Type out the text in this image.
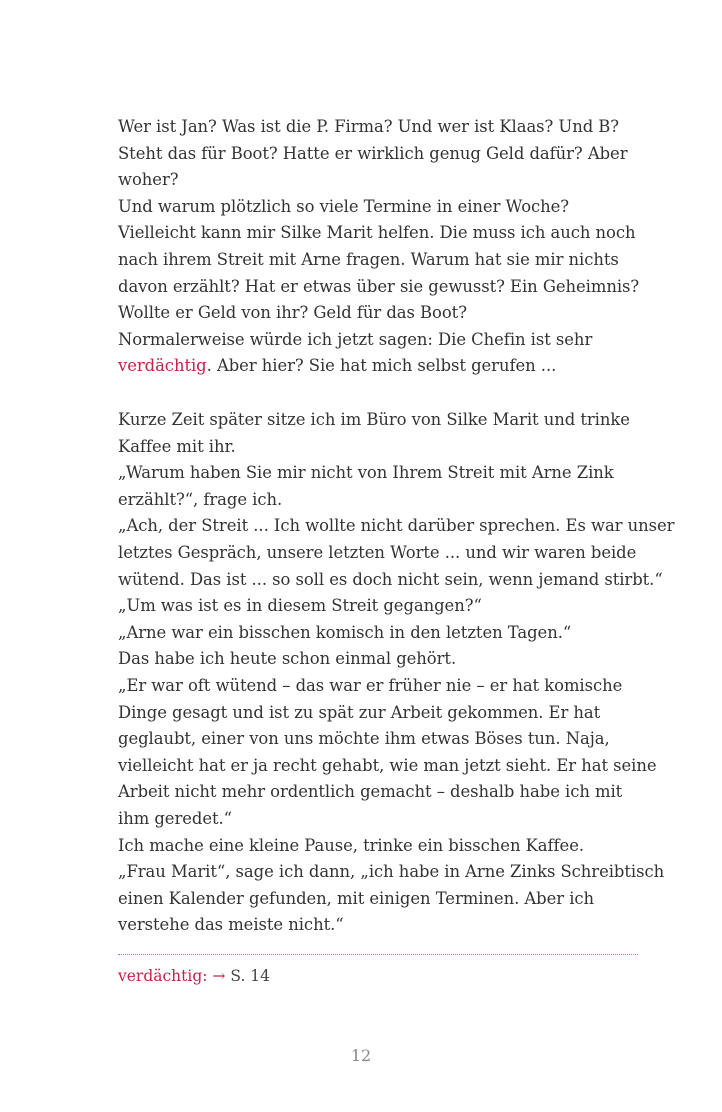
Wer ist Jan? Was ist die P. Firma? Und wer ist Klaas? Und B?
Steht das für Boot? Hatte er wirklich genug Geld dafür? Aber
woher?
Und warum plötzlich so viele Termine in einer Woche?
Vielleicht kann mir Silke Marit helfen. Die muss ich auch noch
nach ihrem Streit mit Arne fragen. Warum hat sie mir nichts
davon erzählt? Hat er etwas über sie gewusst? Ein Geheimnis?
Wollte er Geld von ihr? Geld für das Boot?
Normalerweise würde ich jetzt sagen: Die Chefin ist sehr
verdächtig. Aber hier? Sie hat mich selbst gerufen ...
Kurze Zeit später sitze ich im Büro von Silke Marit und trinke
Kaffee mit ihr.
„Warum haben Sie mir nicht von Ihrem Streit mit Arne Zink
erzählt?“, frage ich.
„Ach, der Streit ... Ich wollte nicht darüber sprechen. Es war unser
letztes Gespräch, unsere letzten Worte ... und wir waren beide
wütend. Das ist ... so soll es doch nicht sein, wenn jemand stirbt.“
„Um was ist es in diesem Streit gegangen?“
„Arne war ein bisschen komisch in den letzten Tagen.“
Das habe ich heute schon einmal gehört.
„Er war oft wütend – das war er früher nie – er hat komische
Dinge gesagt und ist zu spät zur Arbeit gekommen. Er hat
geglaubt, einer von uns möchte ihm etwas Böses tun. Naja,
vielleicht hat er ja recht gehabt, wie man jetzt sieht. Er hat seine
Arbeit nicht mehr ordentlich gemacht – deshalb habe ich mit
ihm geredet.“
Ich mache eine kleine Pause, trinke ein bisschen Kaffee.
„Frau Marit“, sage ich dann, „ich habe in Arne Zinks Schreibtisch
einen Kalender gefunden, mit einigen Terminen. Aber ich
verstehe das meiste nicht.“
verdächtig: → S. 14
12
